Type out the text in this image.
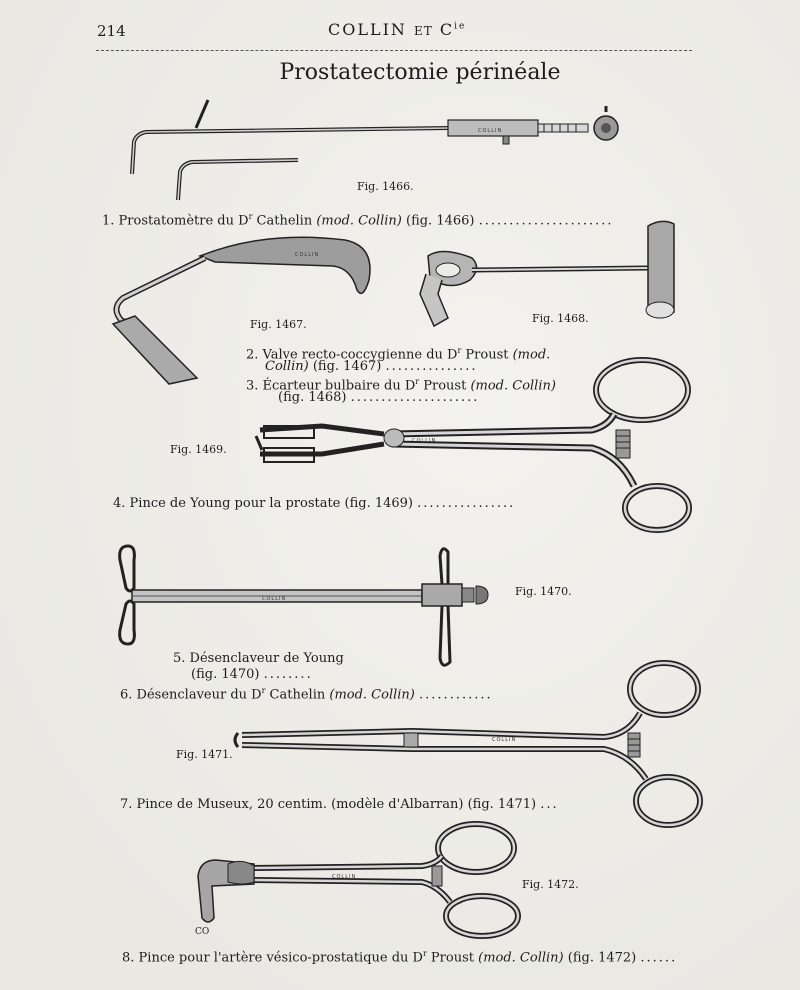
214	COLLIN ET $C^{ie}$
Prostatectomie périnéale
COLLIN
Fig. 1466.
1. Prostatomètre du $D^r$ Cathelin (mod. Collin) (fig. 1466) ......................
COLLIN
Fig. 1467.	Fig. 1468.
2. Valve recto-coccygienne du $D^r$ Proust (mod.
Collin) (fig. 1467) ...............
3. Écarteur bulbaire du $D^r$ Proust (mod. Collin)
(fig. 1468) .....................
COLLIN
Fig. 1469.
4. Pince de Young pour la prostate (fig. 1469) ................
COLLIN
Fig. 1470.
5. Désenclaveur de Young
(fig. 1470) ........
6. Désenclaveur du $D^r$ Cathelin (mod. Collin) ............
COLLIN
Fig. 1471.
7. Pince de Museux, 20 centim. (modèle d'Albarran) (fig. 1471) ...
COLLIN
Fig. 1472.
CO
8. Pince pour l'artère vésico-prostatique du $D^r$ Proust (mod. Collin) (fig. 1472) ......
